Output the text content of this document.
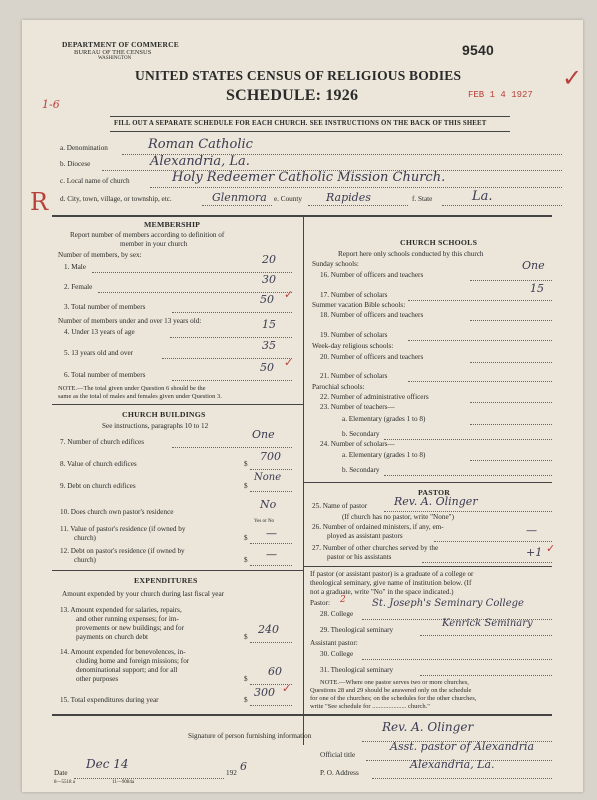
DEPARTMENT OF COMMERCE
BUREAU OF THE CENSUS
WASHINGTON
9540
UNITED STATES CENSUS OF RELIGIOUS BODIES
SCHEDULE: 1926	FEB 1 4 1927
1-6
✓
FILL OUT A SEPARATE SCHEDULE FOR EACH CHURCH. SEE INSTRUCTIONS ON THE BACK OF THIS SHEET
R
a. Denomination	Roman Catholic
b. Diocese	Alexandria, La.
c. Local name of church	Holy Redeemer Catholic Mission Church.
d. City, town, village, or township, etc.	Glenmora e. County Rapides	f. State	La.
MEMBERSHIP
Report number of members according to definition of
member in your church
Number of members, by sex:
1. Male
20
2. Female
30
3. Total number of members
50 ✓
Number of members under and over 13 years old:
4. Under 13 years of age
15
5. 13 years old and over
35
6. Total number of members
50 ✓
NOTE.—The total given under Question 6 should be the
same as the total of males and females given under Question 3.
CHURCH BUILDINGS
See instructions, paragraphs 10 to 12
7. Number of church edifices
One
8. Value of church edifices	$
700
9. Debt on church edifices	$
None
10. Does church own pastor's residence
No
Yes or No
11. Value of pastor's residence (if owned by
church)	$ —
12. Debt on pastor's residence (if owned by
church)	$ —
EXPENDITURES
Amount expended by your church during last fiscal year
13. Amount expended for salaries, repairs,
and other running expenses; for im-
provements or new buildings; and for
payments on church debt	$
240
14. Amount expended for benevolences, in-
cluding home and foreign missions; for
denominational support; and for all
other purposes	$
60
15. Total expenditures during year	$
300 ✓
CHURCH SCHOOLS
Report here only schools conducted by this church
Sunday schools:
16. Number of officers and teachers
One
17. Number of scholars	15
Summer vacation Bible schools:
18. Number of officers and teachers
19. Number of scholars
Week-day religious schools:
20. Number of officers and teachers
21. Number of scholars
Parochial schools:
22. Number of administrative officers
23. Number of teachers—
a. Elementary (grades 1 to 8)
b. Secondary
24. Number of scholars—
a. Elementary (grades 1 to 8)
b. Secondary
PASTOR
25. Name of pastor Rev. A. Olinger
(If church has no pastor, write "None")
26. Number of ordained ministers, if any, em-
ployed as assistant pastors	—
27. Number of other churches served by the
pastor or his assistants	+1 ✓
If pastor (or assistant pastor) is a graduate of a college or
theological seminary, give name of institution below. (If
not a graduate, write "No" in the space indicated.)
Pastor: 2
28. College
St. Joseph's Seminary College
29. Theological seminary
Kenrick Seminary
Assistant pastor:
30. College
31. Theological seminary
NOTE.—Where one pastor serves two or more churches,
Questions 28 and 29 should be answered only on the schedule
for one of the churches; on the schedules for the other churches,
write "See schedule for ..................... church."
Signature of person furnishing information
Rev. A. Olinger
Official title
Asst. pastor of Alexandria
Date
Dec 14
192 6	P. O. Address
Alexandria, La.
8—5518 a	11—9084a
